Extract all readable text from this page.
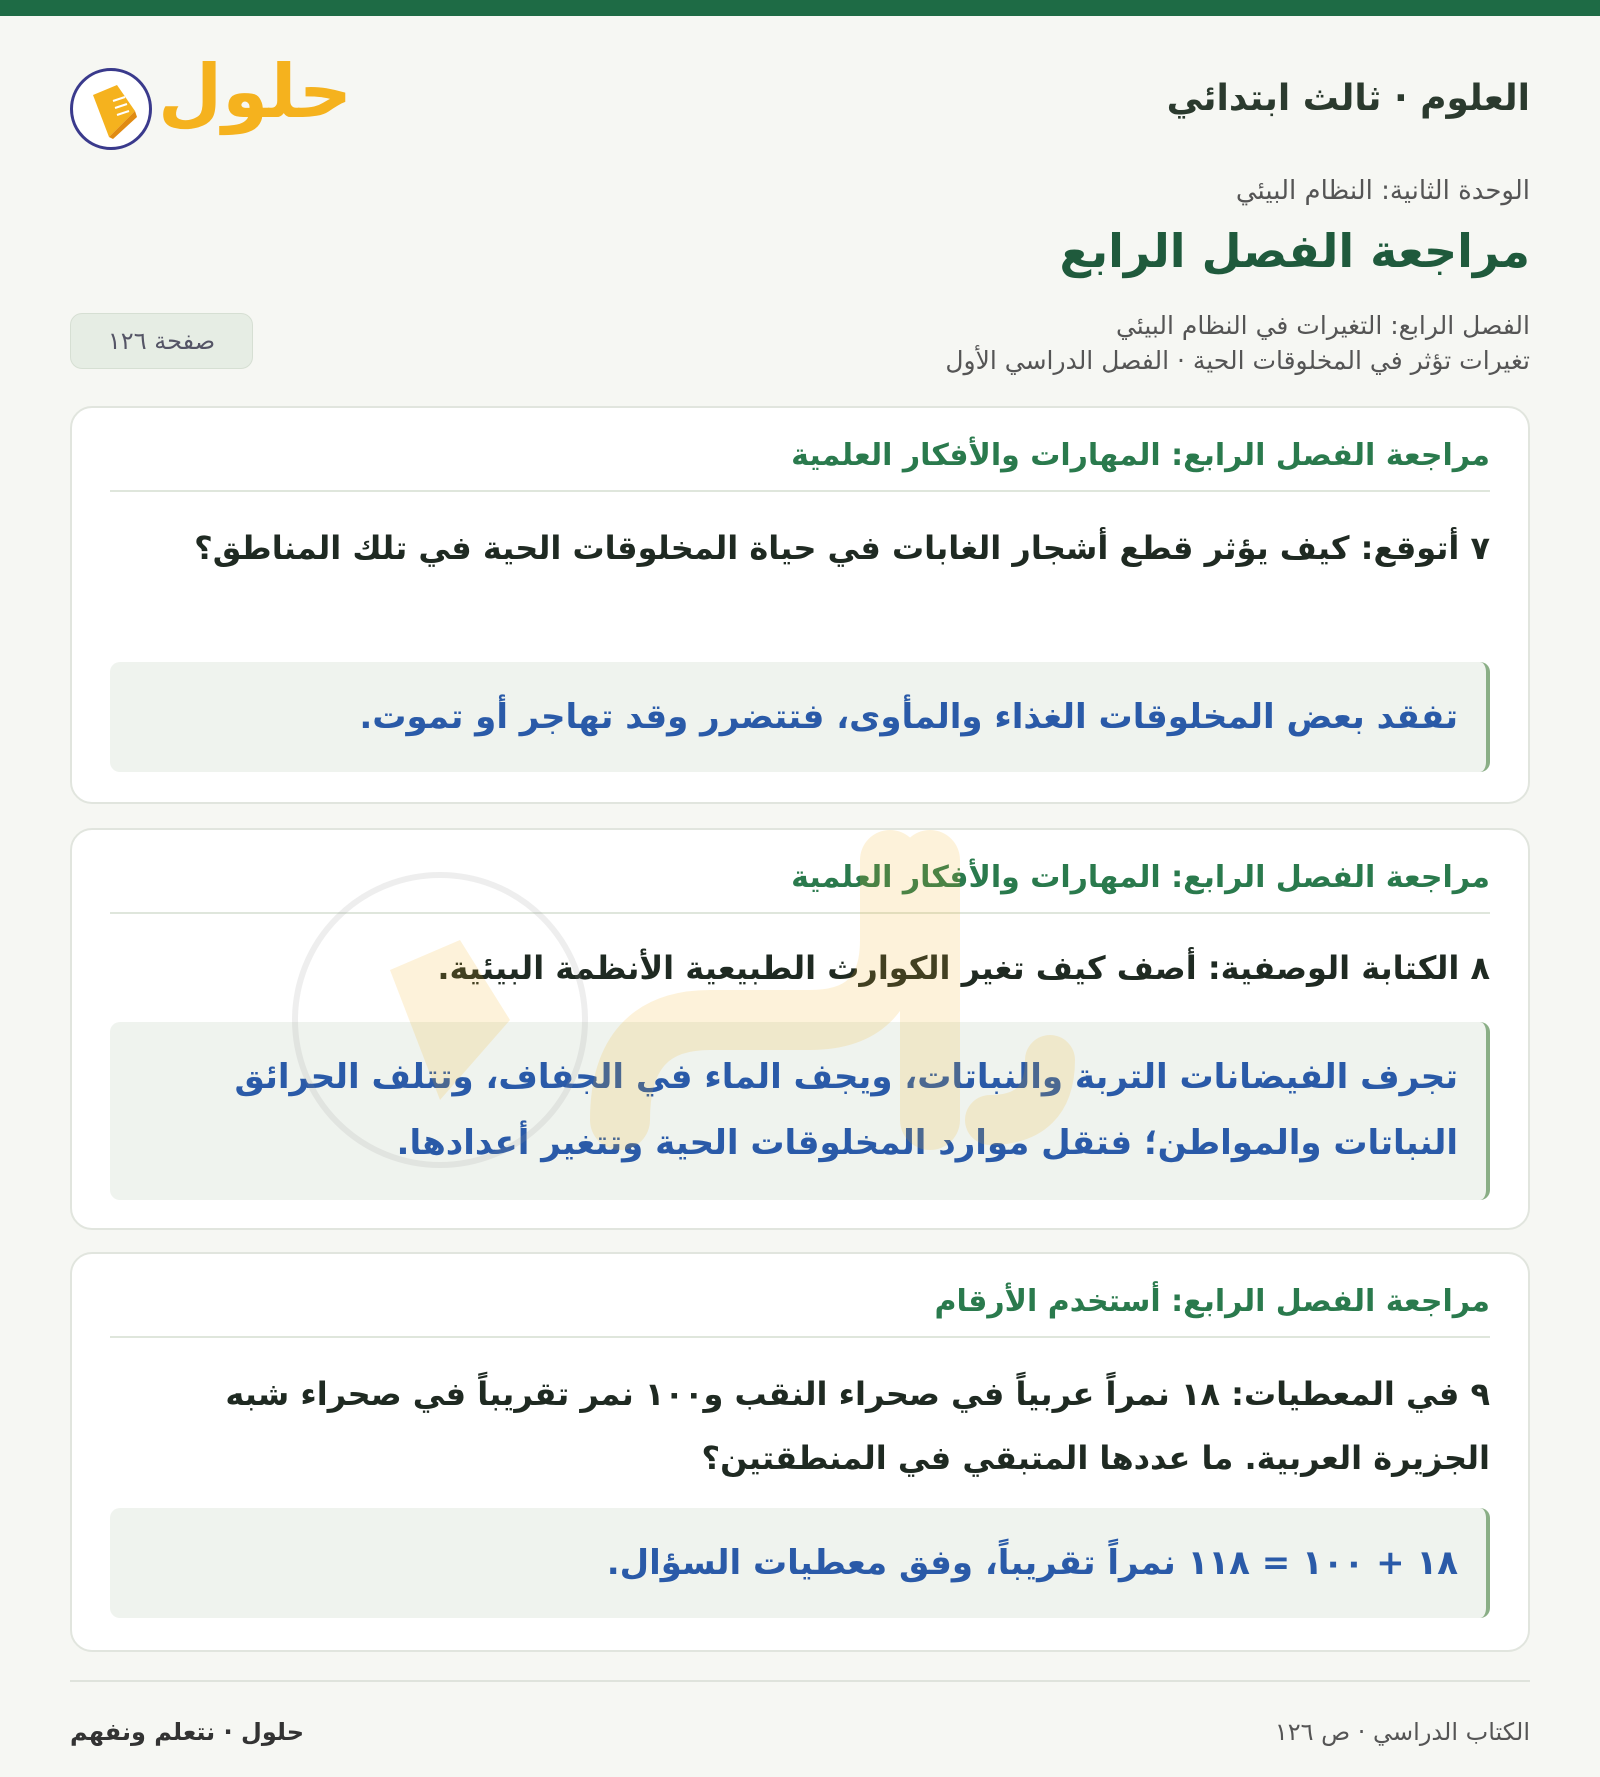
العلوم · ثالث ابتدائي
حلول
الوحدة الثانية: النظام البيئي
مراجعة الفصل الرابع
الفصل الرابع: التغيرات في النظام البيئي
تغيرات تؤثر في المخلوقات الحية · الفصل الدراسي الأول
صفحة ١٢٦
مراجعة الفصل الرابع: المهارات والأفكار العلمية
٧ أتوقع: كيف يؤثر قطع أشجار الغابات في حياة المخلوقات الحية في تلك المناطق؟

تفقد بعض المخلوقات الغذاء والمأوى، فتتضرر وقد تهاجر أو تموت.

مراجعة الفصل الرابع: المهارات والأفكار العلمية
٨ الكتابة الوصفية: أصف كيف تغير الكوارث الطبيعية الأنظمة البيئية.

تجرف الفيضانات التربة والنباتات، ويجف الماء في الجفاف، وتتلف الحرائق النباتات والمواطن؛ فتقل موارد المخلوقات الحية وتتغير أعدادها.

مراجعة الفصل الرابع: أستخدم الأرقام
٩ في المعطيات: ١٨ نمراً عربياً في صحراء النقب و١٠٠ نمر تقريباً في صحراء شبه الجزيرة العربية. ما عددها المتبقي في المنطقتين؟

١٨ + ١٠٠ = ١١٨ نمراً تقريباً، وفق معطيات السؤال.

حلول · نتعلم ونفهم	الكتاب الدراسي · ص ١٢٦
